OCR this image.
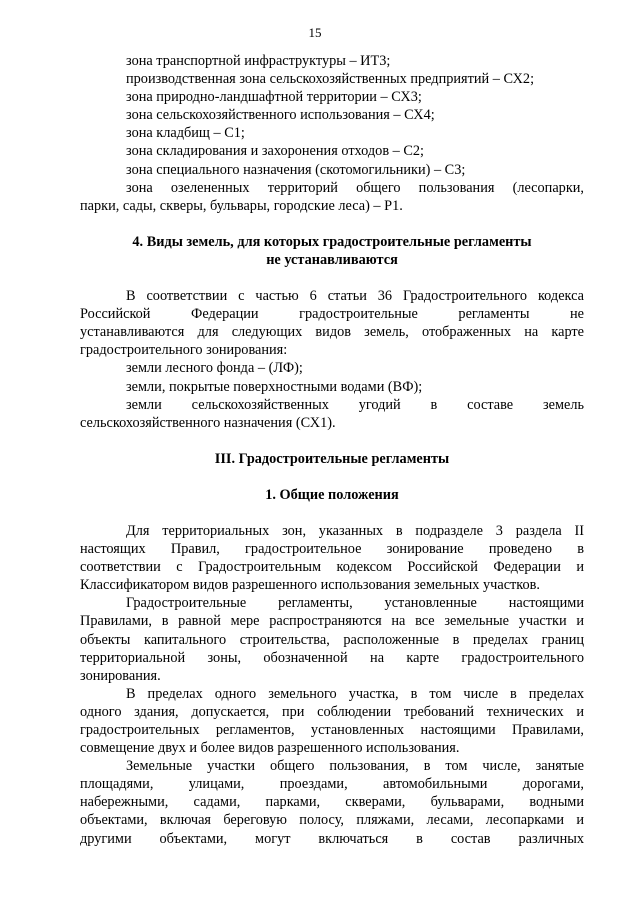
15
зона транспортной инфраструктуры – ИТ3;
производственная зона сельскохозяйственных предприятий – СХ2;
зона природно-ландшафтной территории – СХ3;
зона сельскохозяйственного использования – СХ4;
зона кладбищ – С1;
зона складирования и захоронения отходов – С2;
зона специального назначения (скотомогильники) – С3;
зона озелененных территорий общего пользования (лесопарки,
парки, сады, скверы, бульвары, городские леса) – Р1.
4. Виды земель, для которых градостроительные регламенты
не устанавливаются
В соответствии с частью 6 статьи 36 Градостроительного кодекса
Российской Федерации градостроительные регламенты не
устанавливаются для следующих видов земель, отображенных на карте
градостроительного зонирования:
земли лесного фонда – (ЛФ);
земли, покрытые поверхностными водами (ВФ);
земли сельскохозяйственных угодий в составе земель
сельскохозяйственного назначения (СХ1).
III. Градостроительные регламенты
1. Общие положения
Для территориальных зон, указанных в подразделе 3 раздела II
настоящих Правил, градостроительное зонирование проведено в
соответствии с Градостроительным кодексом Российской Федерации и
Классификатором видов разрешенного использования земельных участков.
Градостроительные регламенты, установленные настоящими
Правилами, в равной мере распространяются на все земельные участки и
объекты капитального строительства, расположенные в пределах границ
территориальной зоны, обозначенной на карте градостроительного
зонирования.
В пределах одного земельного участка, в том числе в пределах
одного здания, допускается, при соблюдении требований технических и
градостроительных регламентов, установленных настоящими Правилами,
совмещение двух и более видов разрешенного использования.
Земельные участки общего пользования, в том числе, занятые
площадями, улицами, проездами, автомобильными дорогами,
набережными, садами, парками, скверами, бульварами, водными
объектами, включая береговую полосу, пляжами, лесами, лесопарками и
другими объектами, могут включаться в состав различных
